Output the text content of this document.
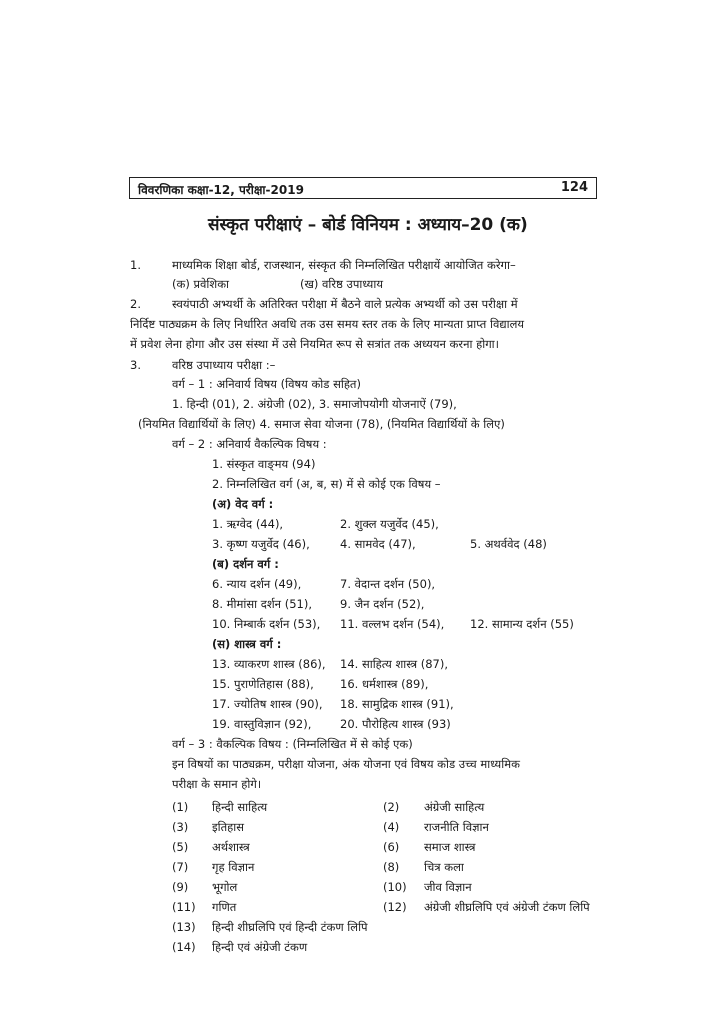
विवरणिका कक्षा-12, परीक्षा-2019	124
संस्कृत परीक्षाएं – बोर्ड विनियम : अध्याय–20 (क)
1.	माध्यमिक शिक्षा बोर्ड, राजस्थान, संस्कृत की निम्नलिखित परीक्षायें आयोजित करेगा–
(क) प्रवेशिका	(ख) वरिष्ठ उपाध्याय
2.	स्वयंपाठी अभ्यर्थी के अतिरिक्त परीक्षा में बैठने वाले प्रत्येक अभ्यर्थी को उस परीक्षा में
निर्दिष्ट पाठ्यक्रम के लिए निर्धारित अवधि तक उस समय स्तर तक के लिए मान्यता प्राप्त विद्यालय
में प्रवेश लेना होगा और उस संस्था में उसे नियमित रूप से सत्रांत तक अध्ययन करना होगा।
3.	वरिष्ठ उपाध्याय परीक्षा :–
वर्ग – 1 : अनिवार्य विषय (विषय कोड सहित)
1. हिन्दी (01), 2. अंग्रेजी (02), 3. समाजोपयोगी योजनाऐं (79),
(नियमित विद्यार्थियों के लिए) 4. समाज सेवा योजना (78), (नियमित विद्यार्थियों के लिए)
वर्ग – 2 : अनिवार्य वैकल्पिक विषय :
1. संस्कृत वाङ्‌मय (94)
2. निम्नलिखित वर्ग (अ, ब, स) में से कोई एक विषय –
(अ) वेद वर्ग :
1. ऋग्वेद (44),	2. शुक्ल यजुर्वेद (45),
3. कृष्ण यजुर्वेद (46),	4. सामवेद (47),	5. अथर्ववेद (48)
(ब) दर्शन वर्ग :
6. न्याय दर्शन (49),	7. वेदान्त दर्शन (50),
8. मीमांसा दर्शन (51), 9. जैन दर्शन (52),
10. निम्बार्क दर्शन (53), 11. वल्लभ दर्शन (54), 12. सामान्य दर्शन (55)
(स) शास्त्र वर्ग :
13. व्याकरण शास्त्र (86), 14. साहित्य शास्त्र (87),
15. पुराणेतिहास (88), 16. धर्मशास्त्र (89),
17. ज्योतिष शास्त्र (90), 18. सामुद्रिक शास्त्र (91),
19. वास्तुविज्ञान (92), 20. पौरोहित्य शास्त्र (93)
वर्ग – 3 : वैकल्पिक विषय : (निम्नलिखित में से कोई एक)
इन विषयों का पाठ्यक्रम, परीक्षा योजना, अंक योजना एवं विषय कोड उच्च माध्यमिक
परीक्षा के समान होगे।
(1) हिन्दी साहित्य	(2) अंग्रेजी साहित्य
(3) इतिहास	(4) राजनीति विज्ञान
(5) अर्थशास्त्र	(6) समाज शास्त्र
(7) गृह विज्ञान	(8) चित्र कला
(9) भूगोल	(10) जीव विज्ञान
(11) गणित	(12) अंग्रेजी शीघ्रलिपि एवं अंग्रेजी टंकण लिपि
(13) हिन्दी शीघ्रलिपि एवं हिन्दी टंकण लिपि
(14) हिन्दी एवं अंग्रेजी टंकण
